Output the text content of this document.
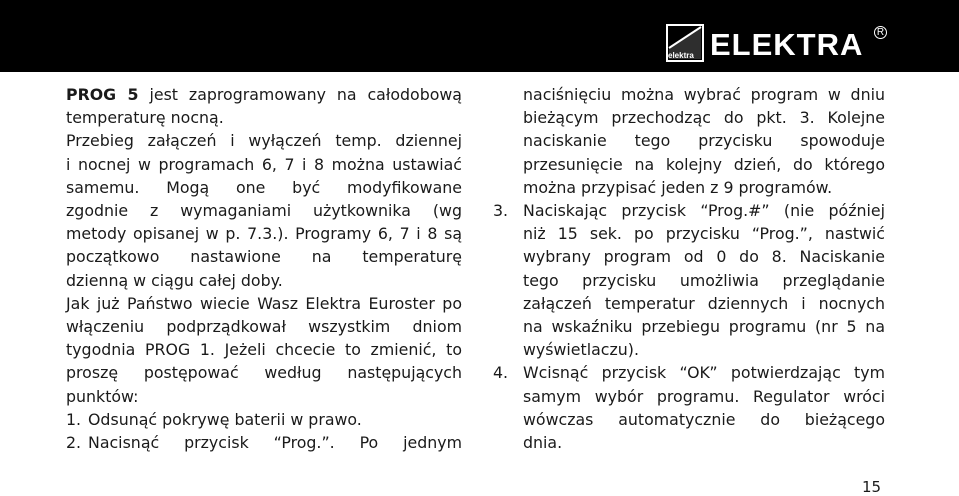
elektra ELEKTRA R

PROG 5 jest zaprogramowany na całodobową

temperaturę nocną.

Przebieg załączeń i wyłączeń temp. dziennej

i nocnej w programach 6, 7 i 8 można ustawiać

samemu. Mogą one być modyfikowane

zgodnie z wymaganiami użytkownika (wg

metody opisanej w p. 7.3.). Programy 6, 7 i 8 są

początkowo nastawione na temperaturę

dzienną w ciągu całej doby.

Jak już Państwo wiecie Wasz Elektra Euroster po

włączeniu podprządkował wszystkim dniom

tygodnia PROG 1. Jeżeli chcecie to zmienić, to

proszę postępować według następujących

punktów:

1. Odsunąć pokrywę baterii w prawo.

2. Nacisnąć przycisk “Prog.”. Po jednym

naciśnięciu można wybrać program w dniu

bieżącym przechodząc do pkt. 3. Kolejne

naciskanie tego przycisku spowoduje

przesunięcie na kolejny dzień, do którego

można przypisać jeden z 9 programów.

3. Naciskając przycisk “Prog.#” (nie później

niż 15 sek. po przycisku “Prog.”, nastwić

wybrany program od 0 do 8. Naciskanie

tego przycisku umożliwia przeglądanie

załączeń temperatur dziennych i nocnych

na wskaźniku przebiegu programu (nr 5 na

wyświetlaczu).

4. Wcisnąć przycisk “OK” potwierdzając tym

samym wybór programu. Regulator wróci

wówczas automatycznie do bieżącego

dnia.

15
